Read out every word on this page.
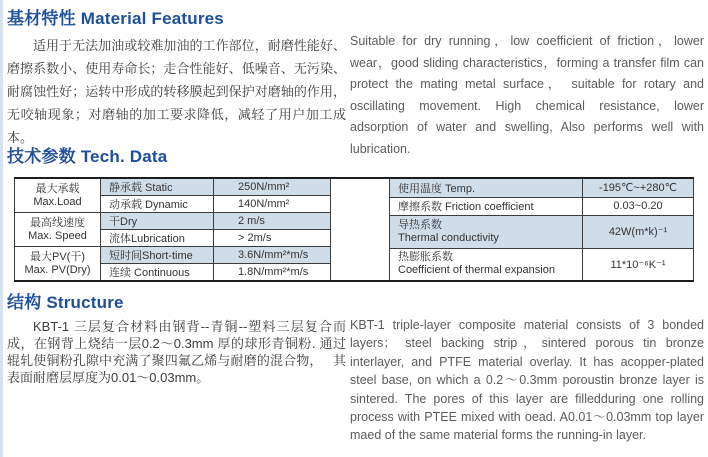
基材特性 Material Features
适用于无法加油或较难加油的工作部位，耐磨性能好、磨擦系数小、使用寿命长；走合性能好、低噪音、无污染、耐腐蚀性好；运转中形成的转移膜起到保护对磨轴的作用，无咬轴现象；对磨轴的加工要求降低，减轻了用户加工成本。
Suitable for dry running，low coefficient of friction，lower wear，good sliding characteristics，forming a transfer film can protect the mating metal surface， suitable for rotary and oscillating movement. High chemical resistance, lower adsorption of water and swelling, Also performs well with lubrication.
技术参数 Tech. Data
最大承载
Max.Load	静承载 Static	250N/mm²
	动承载 Dynamic	140N/mm²

最高线速度
Max. Speed	干Dry	2 m/s
	流体Lubrication	> 2m/s

最大PV(干)
Max. PV(Dry)	短时间Short-time	3.6N/mm²*m/s
	连续 Continuous	1.8N/mm²*m/s
使用温度 Temp.	-195℃~+280℃
摩擦系数 Friction coefficient	0.03~0.20

导热系数
Thermal conductivity	42W(m*k)⁻¹

热膨胀系数
Coefficient of thermal expansion	11*10⁻⁶K⁻¹
结构 Structure
KBT-1 三层复合材料由钢背--青铜--塑料三层复合而成，在钢背上烧结一层0.2～0.3mm 厚的球形青铜粉. 通过辊轧使铜粉孔隙中充满了聚四氟乙烯与耐磨的混合物，　 其表面耐磨层厚度为0.01～0.03mm。
KBT-1 triple-layer composite material consists of 3 bonded layers； steel backing strip，sintered porous tin bronze interlayer, and PTFE material overlay. It has acopper-plated steel base, on which a 0.2～0.3mm poroustin bronze layer is sintered. The pores of this layer are filledduring one rolling process with PTEE mixed with oead. A0.01～0.03mm top layer maed of the same material forms the running-in layer.
